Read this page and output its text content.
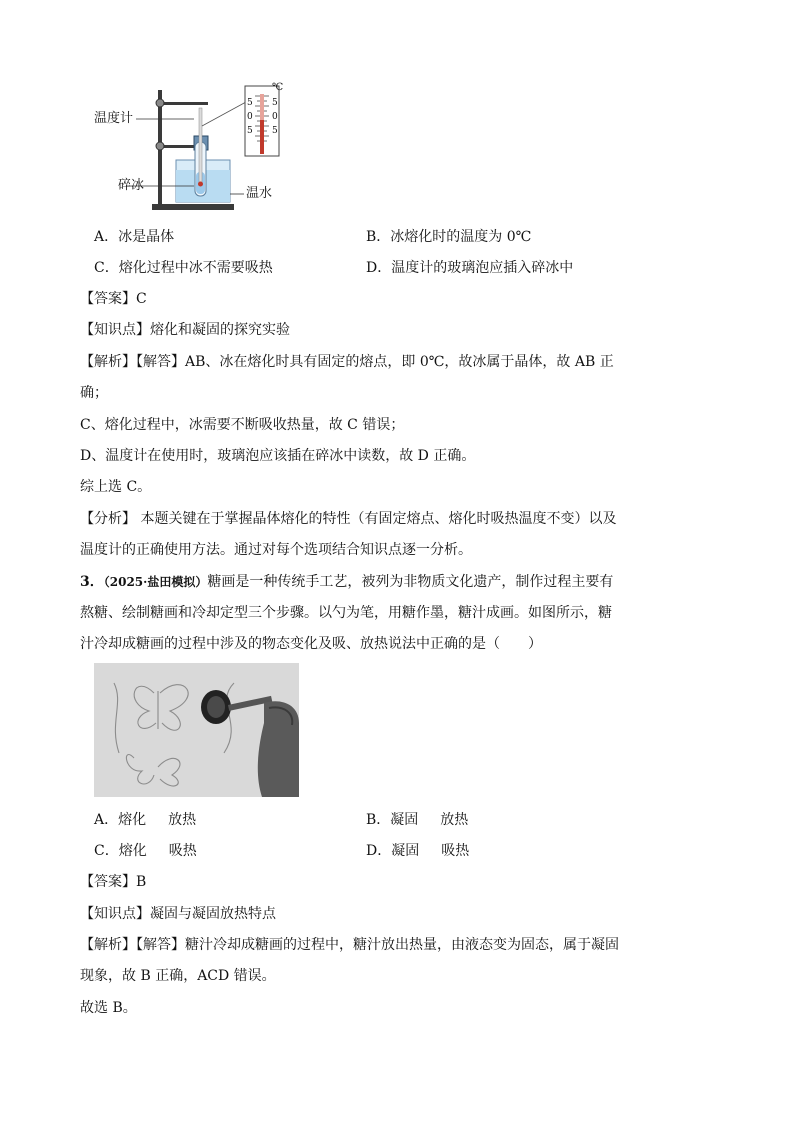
温度计
碎冰
温水
℃
5
0
5
5
0
5
A．冰是晶体	B．冰熔化时的温度为 0℃
C．熔化过程中冰不需要吸热	D．温度计的玻璃泡应插入碎冰中
【答案】C
【知识点】熔化和凝固的探究实验
【解析】【解答】AB、冰在熔化时具有固定的熔点，即 0℃，故冰属于晶体，故 AB 正
确；
C、熔化过程中，冰需要不断吸收热量，故 C 错误；
D、温度计在使用时，玻璃泡应该插在碎冰中读数，故 D 正确。
综上选 C。
【分析】 本题关键在于掌握晶体熔化的特性（有固定熔点、熔化时吸热温度不变）以及
温度计的正确使用方法。通过对每个选项结合知识点逐一分析。
3．（2025·盐田模拟）糖画是一种传统手工艺，被列为非物质文化遗产，制作过程主要有
熬糖、绘制糖画和冷却定型三个步骤。以勺为笔，用糖作墨，糖汁成画。如图所示，糖
汁冷却成糖画的过程中涉及的物态变化及吸、放热说法中正确的是（　　）
A．熔化 放热	B．凝固 放热
C．熔化 吸热	D．凝固 吸热
【答案】B
【知识点】凝固与凝固放热特点
【解析】【解答】糖汁冷却成糖画的过程中，糖汁放出热量，由液态变为固态，属于凝固
现象，故 B 正确，ACD 错误。
故选 B。
